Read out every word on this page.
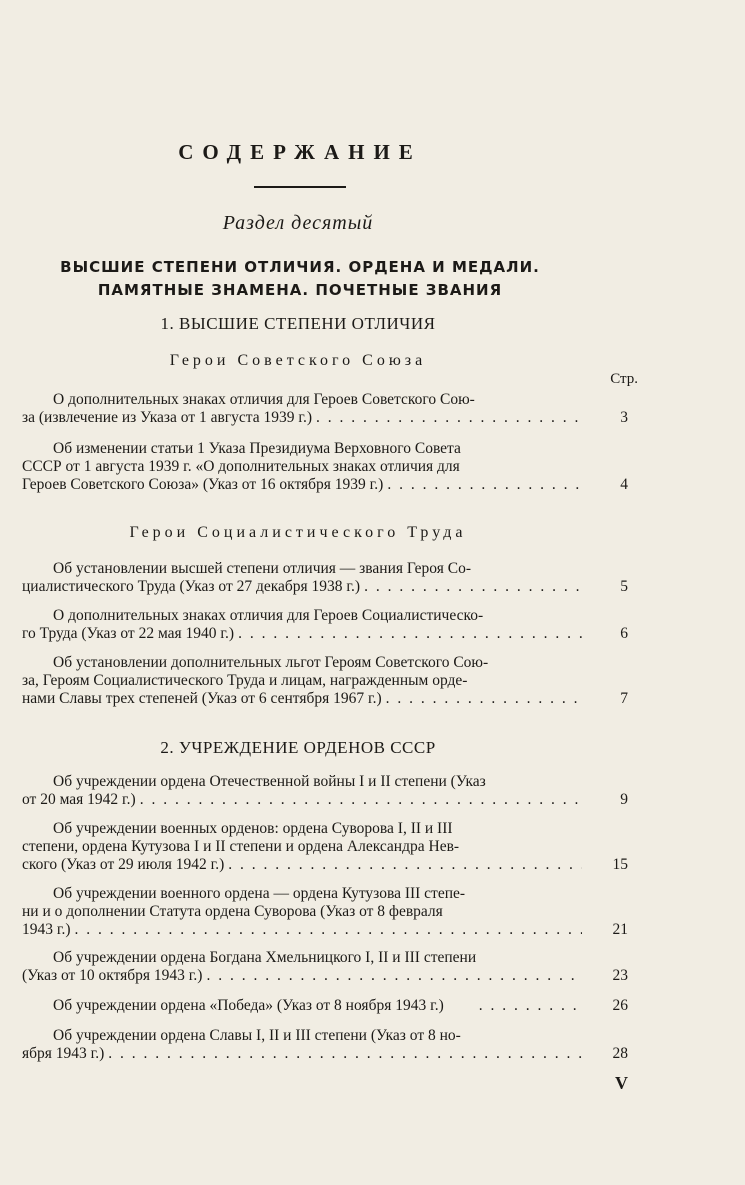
СОДЕРЖАНИЕ
Раздел десятый
ВЫСШИЕ СТЕПЕНИ ОТЛИЧИЯ. ОРДЕНА И МЕДАЛИ.
ПАМЯТНЫЕ ЗНАМЕНА. ПОЧЕТНЫЕ ЗВАНИЯ
1. ВЫСШИЕ СТЕПЕНИ ОТЛИЧИЯ
Герои Советского Союза
Стр.
О дополнительных знаках отличия для Героев Советского Сою-
за (извлечение из Указа от 1 августа 1939 г.) . . .	3
Об изменении статьи 1 Указа Президиума Верховного Совета
СССР от 1 августа 1939 г. «О дополнительных знаках отличия для
Героев Советского Союза» (Указ от 16 октября 1939 г.) . . .	4
Герои Социалистического Труда
Об установлении высшей степени отличия — звания Героя Со-
циалистического Труда (Указ от 27 декабря 1938 г.) . . .	5
О дополнительных знаках отличия для Героев Социалистическо-
го Труда (Указ от 22 мая 1940 г.) . . .	6
Об установлении дополнительных льгот Героям Советского Сою-
за, Героям Социалистического Труда и лицам, награжденным орде-
нами Славы трех степеней (Указ от 6 сентября 1967 г.) . . .	7
2. УЧРЕЖДЕНИЕ ОРДЕНОВ СССР
Об учреждении ордена Отечественной войны I и II степени (Указ
от 20 мая 1942 г.) . . .	9
Об учреждении военных орденов: ордена Суворова I, II и III
степени, ордена Кутузова I и II степени и ордена Александра Нев-
ского (Указ от 29 июля 1942 г.) . . .	15
Об учреждении военного ордена — ордена Кутузова III степе-
ни и о дополнении Статута ордена Суворова (Указ от 8 февраля
1943 г.) . . .	21
Об учреждении ордена Богдана Хмельницкого I, II и III степени
(Указ от 10 октября 1943 г.) . . .	23
Об учреждении ордена «Победа» (Указ от 8 ноября 1943 г.) . . .	26
Об учреждении ордена Славы I, II и III степени (Указ от 8 но-
ября 1943 г.) . . .	28
V
